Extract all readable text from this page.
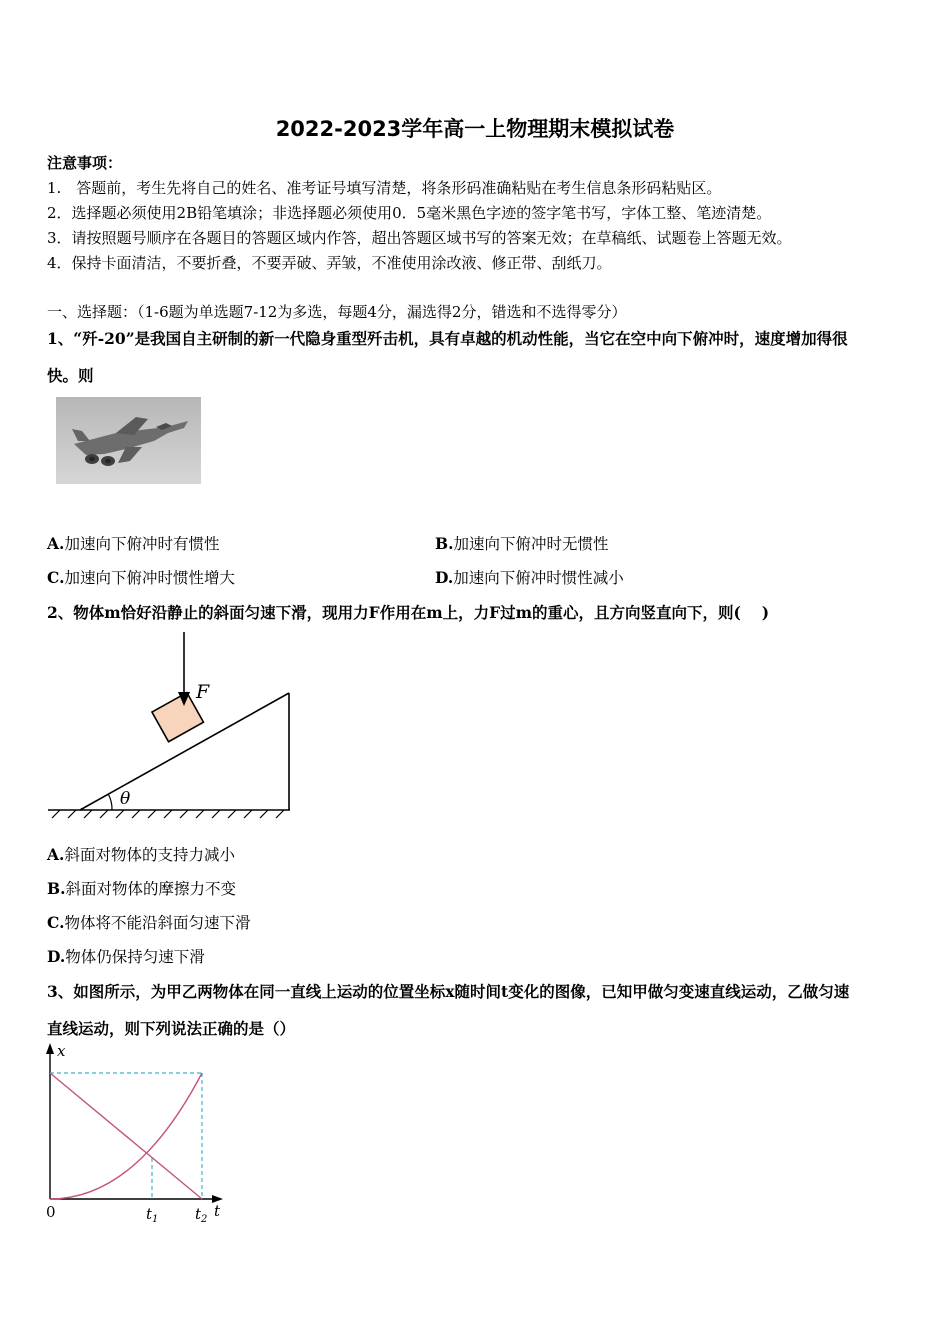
2022-2023学年高一上物理期末模拟试卷
注意事项：
1.　答题前，考生先将自己的姓名、准考证号填写清楚，将条形码准确粘贴在考生信息条形码粘贴区。
2．选择题必须使用2B铅笔填涂；非选择题必须使用0．5毫米黑色字迹的签字笔书写，字体工整、笔迹清楚。
3．请按照题号顺序在各题目的答题区域内作答，超出答题区域书写的答案无效；在草稿纸、试题卷上答题无效。
4．保持卡面清洁，不要折叠，不要弄破、弄皱，不准使用涂改液、修正带、刮纸刀。
一、选择题：（1-6题为单选题7-12为多选，每题4分，漏选得2分，错选和不选得零分）
1、“歼-20”是我国自主研制的新一代隐身重型歼击机，具有卓越的机动性能，当它在空中向下俯冲时，速度增加得很
快。则
A.加速向下俯冲时有惯性	B.加速向下俯冲时无惯性
C.加速向下俯冲时惯性增大	D.加速向下俯冲时惯性减小
2、物体m恰好沿静止的斜面匀速下滑，现用力F作用在m上，力F过m的重心，且方向竖直向下，则(　 )
θ
F
A.斜面对物体的支持力减小
B.斜面对物体的摩擦力不变
C.物体将不能沿斜面匀速下滑
D.物体仍保持匀速下滑
3、如图所示，为甲乙两物体在同一直线上运动的位置坐标x随时间t变化的图像，已知甲做匀变速直线运动，乙做匀速
直线运动，则下列说法正确的是（）
x
t
0	$t_1$ $t_2$
